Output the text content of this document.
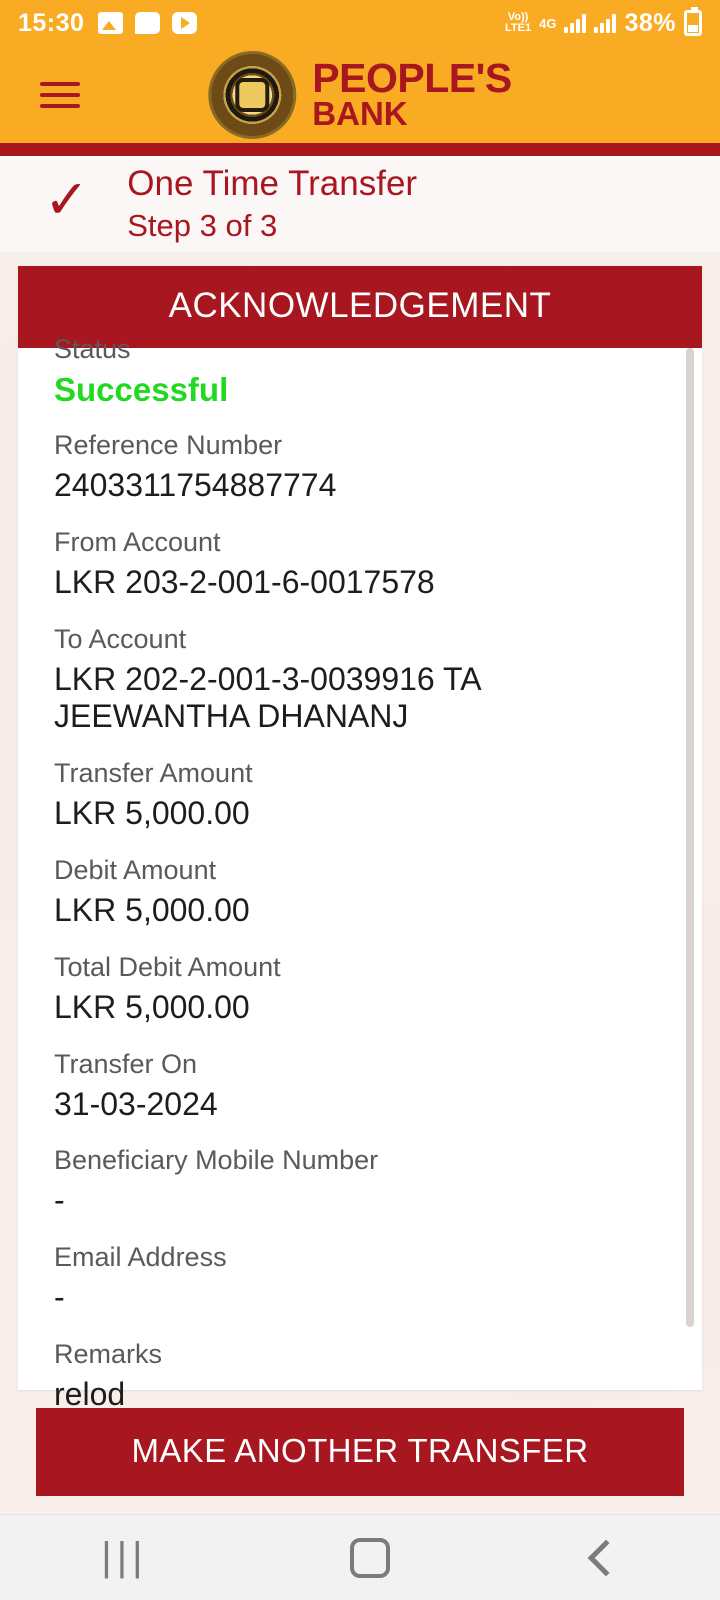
15:30	Vo))
LTE1 4G	38%
PEOPLE'S
BANK
✓ One Time Transfer
Step 3 of 3
ACKNOWLEDGEMENT
Status
Successful
Reference Number
2403311754887774
From Account
LKR 203-2-001-6-0017578
To Account
LKR 202-2-001-3-0039916 TA JEEWANTHA DHANANJ
Transfer Amount
LKR 5,000.00
Debit Amount
LKR 5,000.00
Total Debit Amount
LKR 5,000.00
Transfer On
31-03-2024
Beneficiary Mobile Number
-
Email Address
-
Remarks
relod
MAKE ANOTHER TRANSFER
|||
